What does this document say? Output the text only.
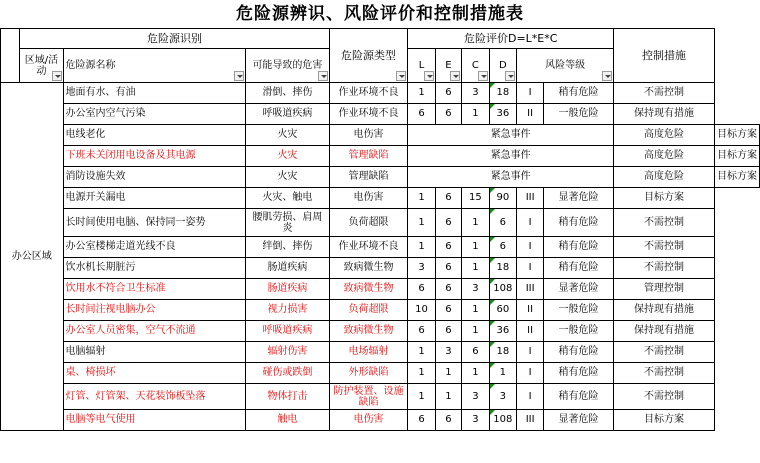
危险源辨识、风险评价和控制措施表
	危险源识别			危险源类型	危险评价D=L*E*C						控制措施	
	区域/活动	危险源名称	可能导致的危害		L	E	C	D	风险等级			

办公区域		地面有水、有油	滑倒、摔伤	作业环境不良	1	6	3	18	I	稍有危险	不需控制	
		办公室内空气污染	呼吸道疾病	作业环境不良	6	6	1	36	II	一般危险	保持现有措施	
		电线老化	火灾	电伤害	紧急事件						高度危险	目标方案
		下班未关闭用电设备及其电源	火灾	管理缺陷	紧急事件						高度危险	目标方案
		消防设施失效	火灾	管理缺陷	紧急事件						高度危险	目标方案
		电源开关漏电	火灾、触电	电伤害	1	6	15	90	III	显著危险	目标方案	
		长时间使用电脑、保持同一姿势	腰肌劳损、肩周炎	负荷超限	1	6	1	6	I	稍有危险	不需控制	
		办公室楼梯走道光线不良	绊倒、摔伤	作业环境不良	1	6	1	6	I	稍有危险	不需控制	
		饮水机长期脏污	肠道疾病	致病微生物	3	6	1	18	I	稍有危险	不需控制	
		饮用水不符合卫生标准	肠道疾病	致病微生物	6	6	3	108	III	显著危险	管理控制	
		长时间注视电脑办公	视力损害	负荷超限	10	6	1	60	II	一般危险	保持现有措施	
		办公室人员密集，空气不流通	呼吸道疾病	致病微生物	6	6	1	36	II	一般危险	保持现有措施	
		电脑辐射	辐射伤害	电场辐射	1	3	6	18	I	稍有危险	不需控制	
		桌、椅损坏	碰伤或跌倒	外形缺陷	1	1	1	1	I	稍有危险	不需控制	
		灯管、灯管架、天花装饰板坠落	物体打击	防护装置、设施缺陷	1	1	3	3	I	稍有危险	不需控制	
		电脑等电气使用	触电	电伤害	6	6	3	108	III	显著危险	目标方案	
